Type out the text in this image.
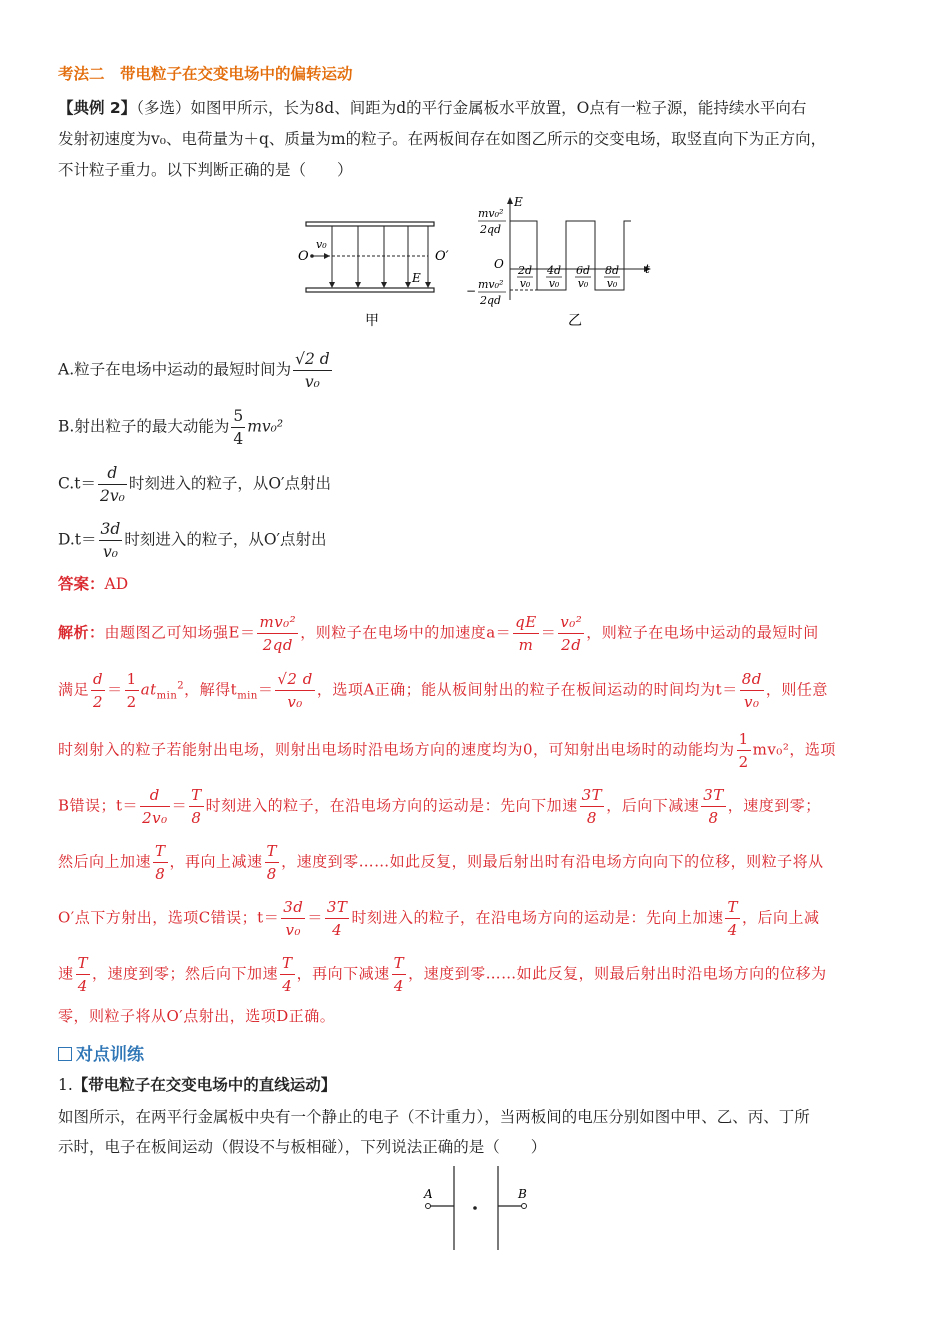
考法二　带电粒子在交变电场中的偏转运动
【典例 2】（多选）如图甲所示，长为8d、间距为d的平行金属板水平放置，O点有一粒子源，能持续水平向右
发射初速度为v₀、电荷量为＋q、质量为m的粒子。在两板间存在如图乙所示的交变电场，取竖直向下为正方向，
不计粒子重力。以下判断正确的是（　　）
O	O′
v₀
E
甲
E
t
O
mv₀²
2qd
− mv₀²
2qd
2d
v₀
4d
v₀
6d
v₀
8d
v₀
乙
A.粒子在电场中运动的最短时间为 $\frac{√2 d}{\text{v₀}}$
B.射出粒子的最大动能为 $\frac{5}{4} mv_0^2$
$C.t= \frac{d}{\text{2v₀}}$ 时刻进入的粒子，从O′点射出
$D.t= \frac{3d}{\text{v₀}}$ 时刻进入的粒子，从O′点射出
答案：AD
解析：由题图乙可知场强$E= \frac{\text{mv₀²}}{2qd}$ ，则粒子在电场中的加速度$a= \frac{qE}{m} = \frac{\text{v₀²}}{2d}$ ，则粒子在电场中运动的最短时间
满足 $\frac{d}{2} = \frac{1}{2} at_{min}^2$，解得$t_{min}= \frac{√2 d}{\text{v₀}}$ ，选项A正确；能从板间射出的粒子在板间运动的时间均为$t= \frac{8d}{\text{v₀}}$ ，则任意
时刻射入的粒子若能射出电场，则射出电场时沿电场方向的速度均为0，可知射出电场时的动能均为 $\frac{1}{2} mv_0^2$，选项
B错误；$t= \frac{d}{\text{2v₀}} = \frac{T}{8}$ 时刻进入的粒子，在沿电场方向的运动是：先向下加速 $\frac{3T}{8}$ ，后向下减速 $\frac{3T}{8}$ ，速度到零；
然后向上加速 $\frac{T}{8}$ ，再向上减速 $\frac{T}{8}$ ，速度到零……如此反复，则最后射出时有沿电场方向向下的位移，则粒子将从
O′点下方射出，选项C错误；$t= \frac{3d}{\text{v₀}} = \frac{3T}{4}$ 时刻进入的粒子，在沿电场方向的运动是：先向上加速 $\frac{T}{4}$ ，后向上减
速 $\frac{T}{4}$ ，速度到零；然后向下加速 $\frac{T}{4}$ ，再向下减速 $\frac{T}{4}$ ，速度到零……如此反复，则最后射出时沿电场方向的位移为
零，则粒子将从O′点射出，选项D正确。
对点训练
1.【带电粒子在交变电场中的直线运动】
如图所示，在两平行金属板中央有一个静止的电子（不计重力），当两板间的电压分别如图中甲、乙、丙、丁所
示时，电子在板间运动（假设不与板相碰），下列说法正确的是（　　）
A	B
